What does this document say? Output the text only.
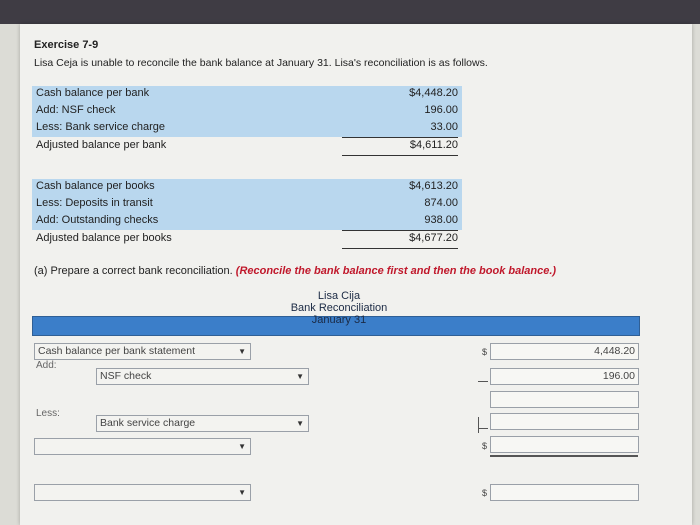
Exercise 7-9
Lisa Ceja is unable to reconcile the bank balance at January 31. Lisa's reconciliation is as follows.
Cash balance per bank	$4,448.20
Add: NSF check	196.00
Less: Bank service charge	33.00
Adjusted balance per bank	$4,611.20
Cash balance per books	$4,613.20
Less: Deposits in transit	874.00
Add: Outstanding checks	938.00
Adjusted balance per books	$4,677.20
(a) Prepare a correct bank reconciliation. (Reconcile the bank balance first and then the book balance.)
Lisa Cija
Bank Reconciliation
January 31
Cash balance per bank statement	▼	$	4,448.20
Add:
NSF check	▼	196.00
Less:
Bank service charge	▼
▼	$
▼	$
